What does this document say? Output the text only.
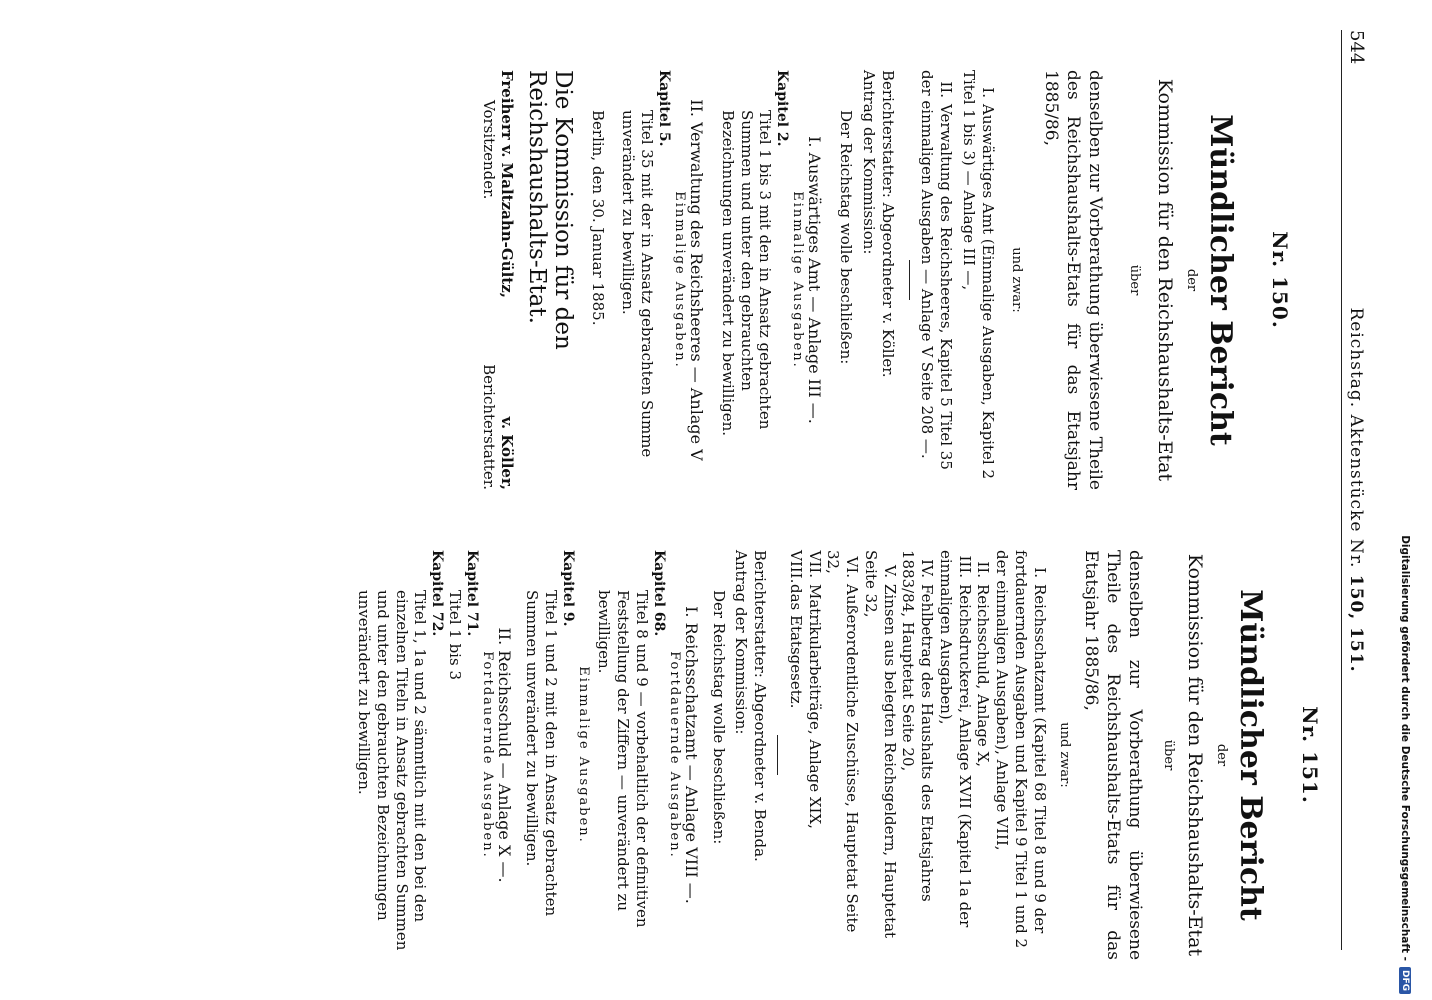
544
Reichstag. Aktenstücke Nr. 150, 151.
Nr. 150.
Mündlicher Bericht
der
Kommission für den Reichshaushalts-Etat
über
denselben zur Vorberathung überwiesene Theile des Reichshaushalts-Etats für das Etatsjahr 1885/86,
und zwar:
I.Auswärtiges Amt (Einmalige Ausgaben, Kapitel 2 Titel 1 bis 3) — Anlage III —,
II.Verwaltung des Reichsheeres, Kapitel 5 Titel 35 der einmaligen Ausgaben — Anlage V Seite 208 —.
Berichterstatter: Abgeordneter v. Köller.
Antrag der Kommission:
Der Reichstag wolle beschließen:
I. Auswärtiges Amt — Anlage III —.
Einmalige Ausgaben.
Kapitel 2.
Titel 1 bis 3 mit den in Ansatz gebrachten Summen und unter den gebrauchten Bezeichnungen unverändert zu bewilligen.
II. Verwaltung des Reichsheeres — Anlage V
Einmalige Ausgaben.
Kapitel 5.
Titel 35 mit der in Ansatz gebrachten Summe unverändert zu bewilligen.
Berlin, den 30. Januar 1885.
Die Kommission für den Reichshaushalts-Etat.
Freiherr v. Maltzahn-Gültz,
Vorsitzender.
v. Köller,
Berichterstatter.
Nr. 151.
Mündlicher Bericht
der
Kommission für den Reichshaushalts-Etat
über
denselben zur Vorberathung überwiesene Theile des Reichshaushalts-Etats für das Etatsjahr 1885/86,
und zwar:
I.Reichsschatzamt (Kapitel 68 Titel 8 und 9 der fortdauernden Ausgaben und Kapitel 9 Titel 1 und 2 der einmaligen Ausgaben), Anlage VIII,
II.Reichsschuld, Anlage X,
III.Reichsdruckerei, Anlage XVII (Kapitel 1a der einmaligen Ausgaben),
IV.Fehlbetrag des Haushalts des Etatsjahres 1883/84, Hauptetat Seite 20,
V.Zinsen aus belegten Reichsgeldern, Hauptetat Seite 32,
VI.Außerordentliche Zuschüsse, Hauptetat Seite 32,
VII.Matrikularbeiträge, Anlage XIX,
VIII.das Etatsgesetz.
Berichterstatter: Abgeordneter v. Benda.
Antrag der Kommission:
Der Reichstag wolle beschließen:
I. Reichsschatzamt — Anlage VIII —.
Fortdauernde Ausgaben.
Kapitel 68.
Titel 8 und 9 — vorbehaltlich der definitiven Feststellung der Ziffern — unverändert zu bewilligen.
Einmalige Ausgaben.
Kapitel 9.
Titel 1 und 2 mit den in Ansatz gebrachten Summen unverändert zu bewilligen.
II. Reichsschuld — Anlage X —.
Fortdauernde Ausgaben.
Kapitel 71.
Titel 1 bis 3
Kapitel 72.
Titel 1, 1a und 2 sämmtlich mit den bei den einzelnen Titeln in Ansatz gebrachten Summen und unter den gebrauchten Bezeichnungen unverändert zu bewilligen.	Digitalisierung gefördert durch die Deutsche Forschungsgemeinschaft -
DFG
